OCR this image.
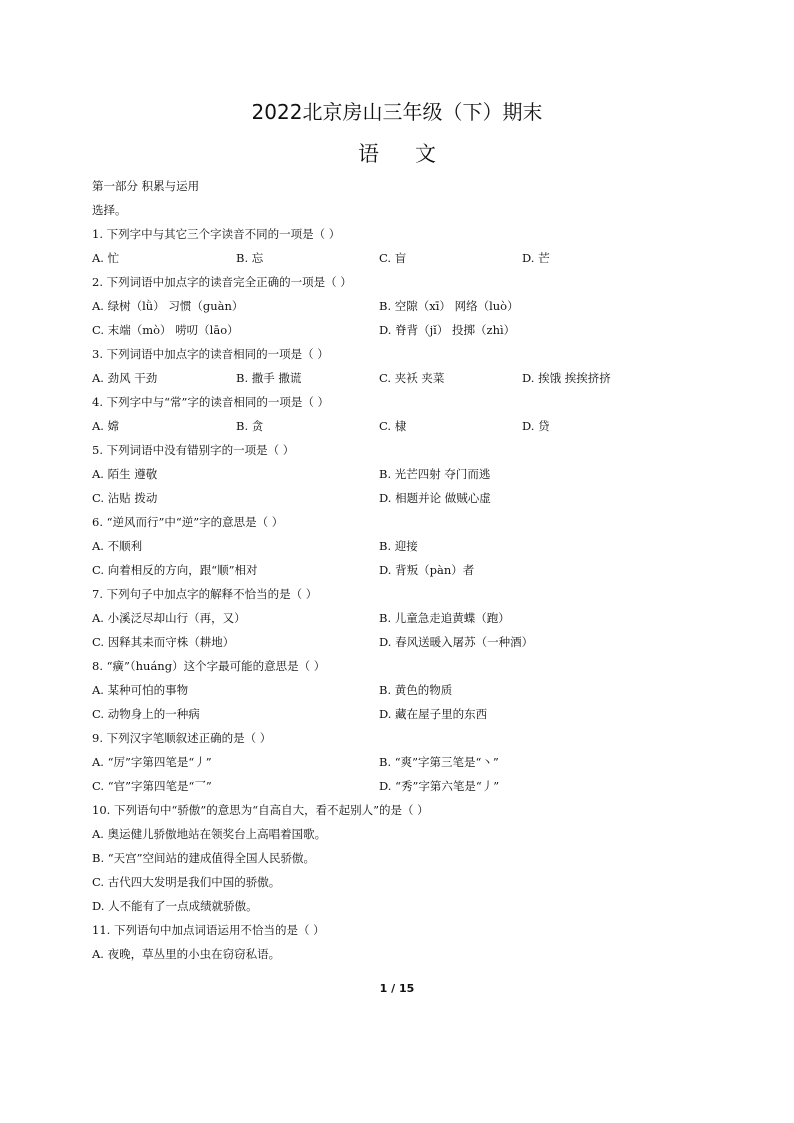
2022北京房山三年级（下）期末
语文
第一部分 积累与运用
选择。
1. 下列字中与其它三个字读音不同的一项是（ ）
A. 忙	B. 忘	C. 盲	D. 芒
2. 下列词语中加点字的读音完全正确的一项是（ ）
A. 绿树（lǜ） 习惯（guàn）	B. 空隙（xī） 网络（luò）
C. 末端（mò） 唠叨（lāo）	D. 脊背（jǐ） 投掷（zhì）
3. 下列词语中加点字的读音相同的一项是（ ）
A. 劲风 干劲	B. 撒手 撒谎	C. 夹袄 夹菜	D. 挨饿 挨挨挤挤
4. 下列字中与“常”字的读音相同的一项是（ ）
A. 嫦	B. 贪	C. 棣	D. 贷
5. 下列词语中没有错别字的一项是（ ）
A. 陌生 遵敬	B. 光芒四射 夺门而逃
C. 沾贴 拨动	D. 相题并论 做贼心虚
6. “逆风而行”中“逆”字的意思是（ ）
A. 不顺利	B. 迎接
C. 向着相反的方向，跟“顺”相对	D. 背叛（pàn）者
7. 下列句子中加点字的解释不恰当的是（ ）
A. 小溪泛尽却山行（再，又）	B. 儿童急走追黄蝶（跑）
C. 因释其耒而守株（耕地）	D. 春风送暖入屠苏（一种酒）
8. “癀”（huáng）这个字最可能的意思是（ ）
A. 某种可怕的事物	B. 黄色的物质
C. 动物身上的一种病	D. 藏在屋子里的东西
9. 下列汉字笔顺叙述正确的是（ ）
A. “厉”字第四笔是“丿”	B. “爽”字第三笔是“丶”
C. “官”字第四笔是“乛”	D. “秀”字第六笔是“丿”
10. 下列语句中“骄傲”的意思为“自高自大，看不起别人”的是（ ）
A. 奥运健儿骄傲地站在领奖台上高唱着国歌。
B. “天宫”空间站的建成值得全国人民骄傲。
C. 古代四大发明是我们中国的骄傲。
D. 人不能有了一点成绩就骄傲。
11. 下列语句中加点词语运用不恰当的是（ ）
A. 夜晚，草丛里的小虫在窃窃私语。
1 / 15
